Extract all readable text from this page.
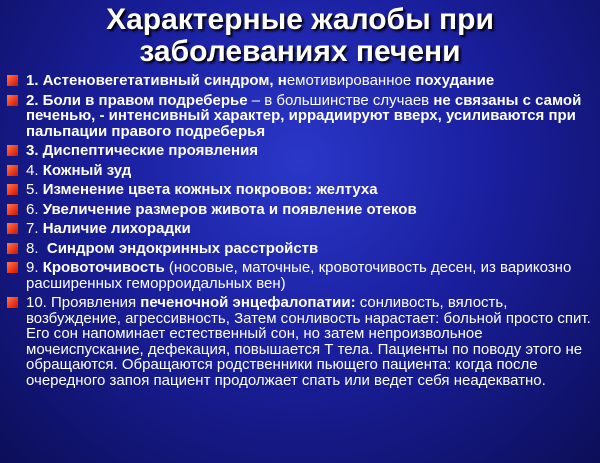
Характерные жалобы при
заболеваниях печени
1. Астеновегетативный синдром, немотивированное похудание
2. Боли в правом подреберье – в большинстве случаев не связаны с самой печенью, - интенсивный характер, иррадиируют вверх, усиливаются при пальпации правого подреберья
3. Диспептические проявления
4. Кожный зуд
5. Изменение цвета кожных покровов: желтуха
6. Увеличение размеров живота и появление отеков
7. Наличие лихорадки
8.  Синдром эндокринных расстройств
9. Кровоточивость (носовые, маточные, кровоточивость десен, из варикозно расширенных геморроидальных вен)
10. Проявления печеночной энцефалопатии: сонливость, вялость, возбуждение, агрессивность, Затем сонливость нарастает: больной просто спит. Его сон напоминает естественный сон, но затем непроизвольное мочеиспускание, дефекация, повышается Т тела. Пациенты по поводу этого не обращаются. Обращаются родственники пьющего пациента: когда после очередного запоя пациент продолжает спать или ведет себя неадекватно.
